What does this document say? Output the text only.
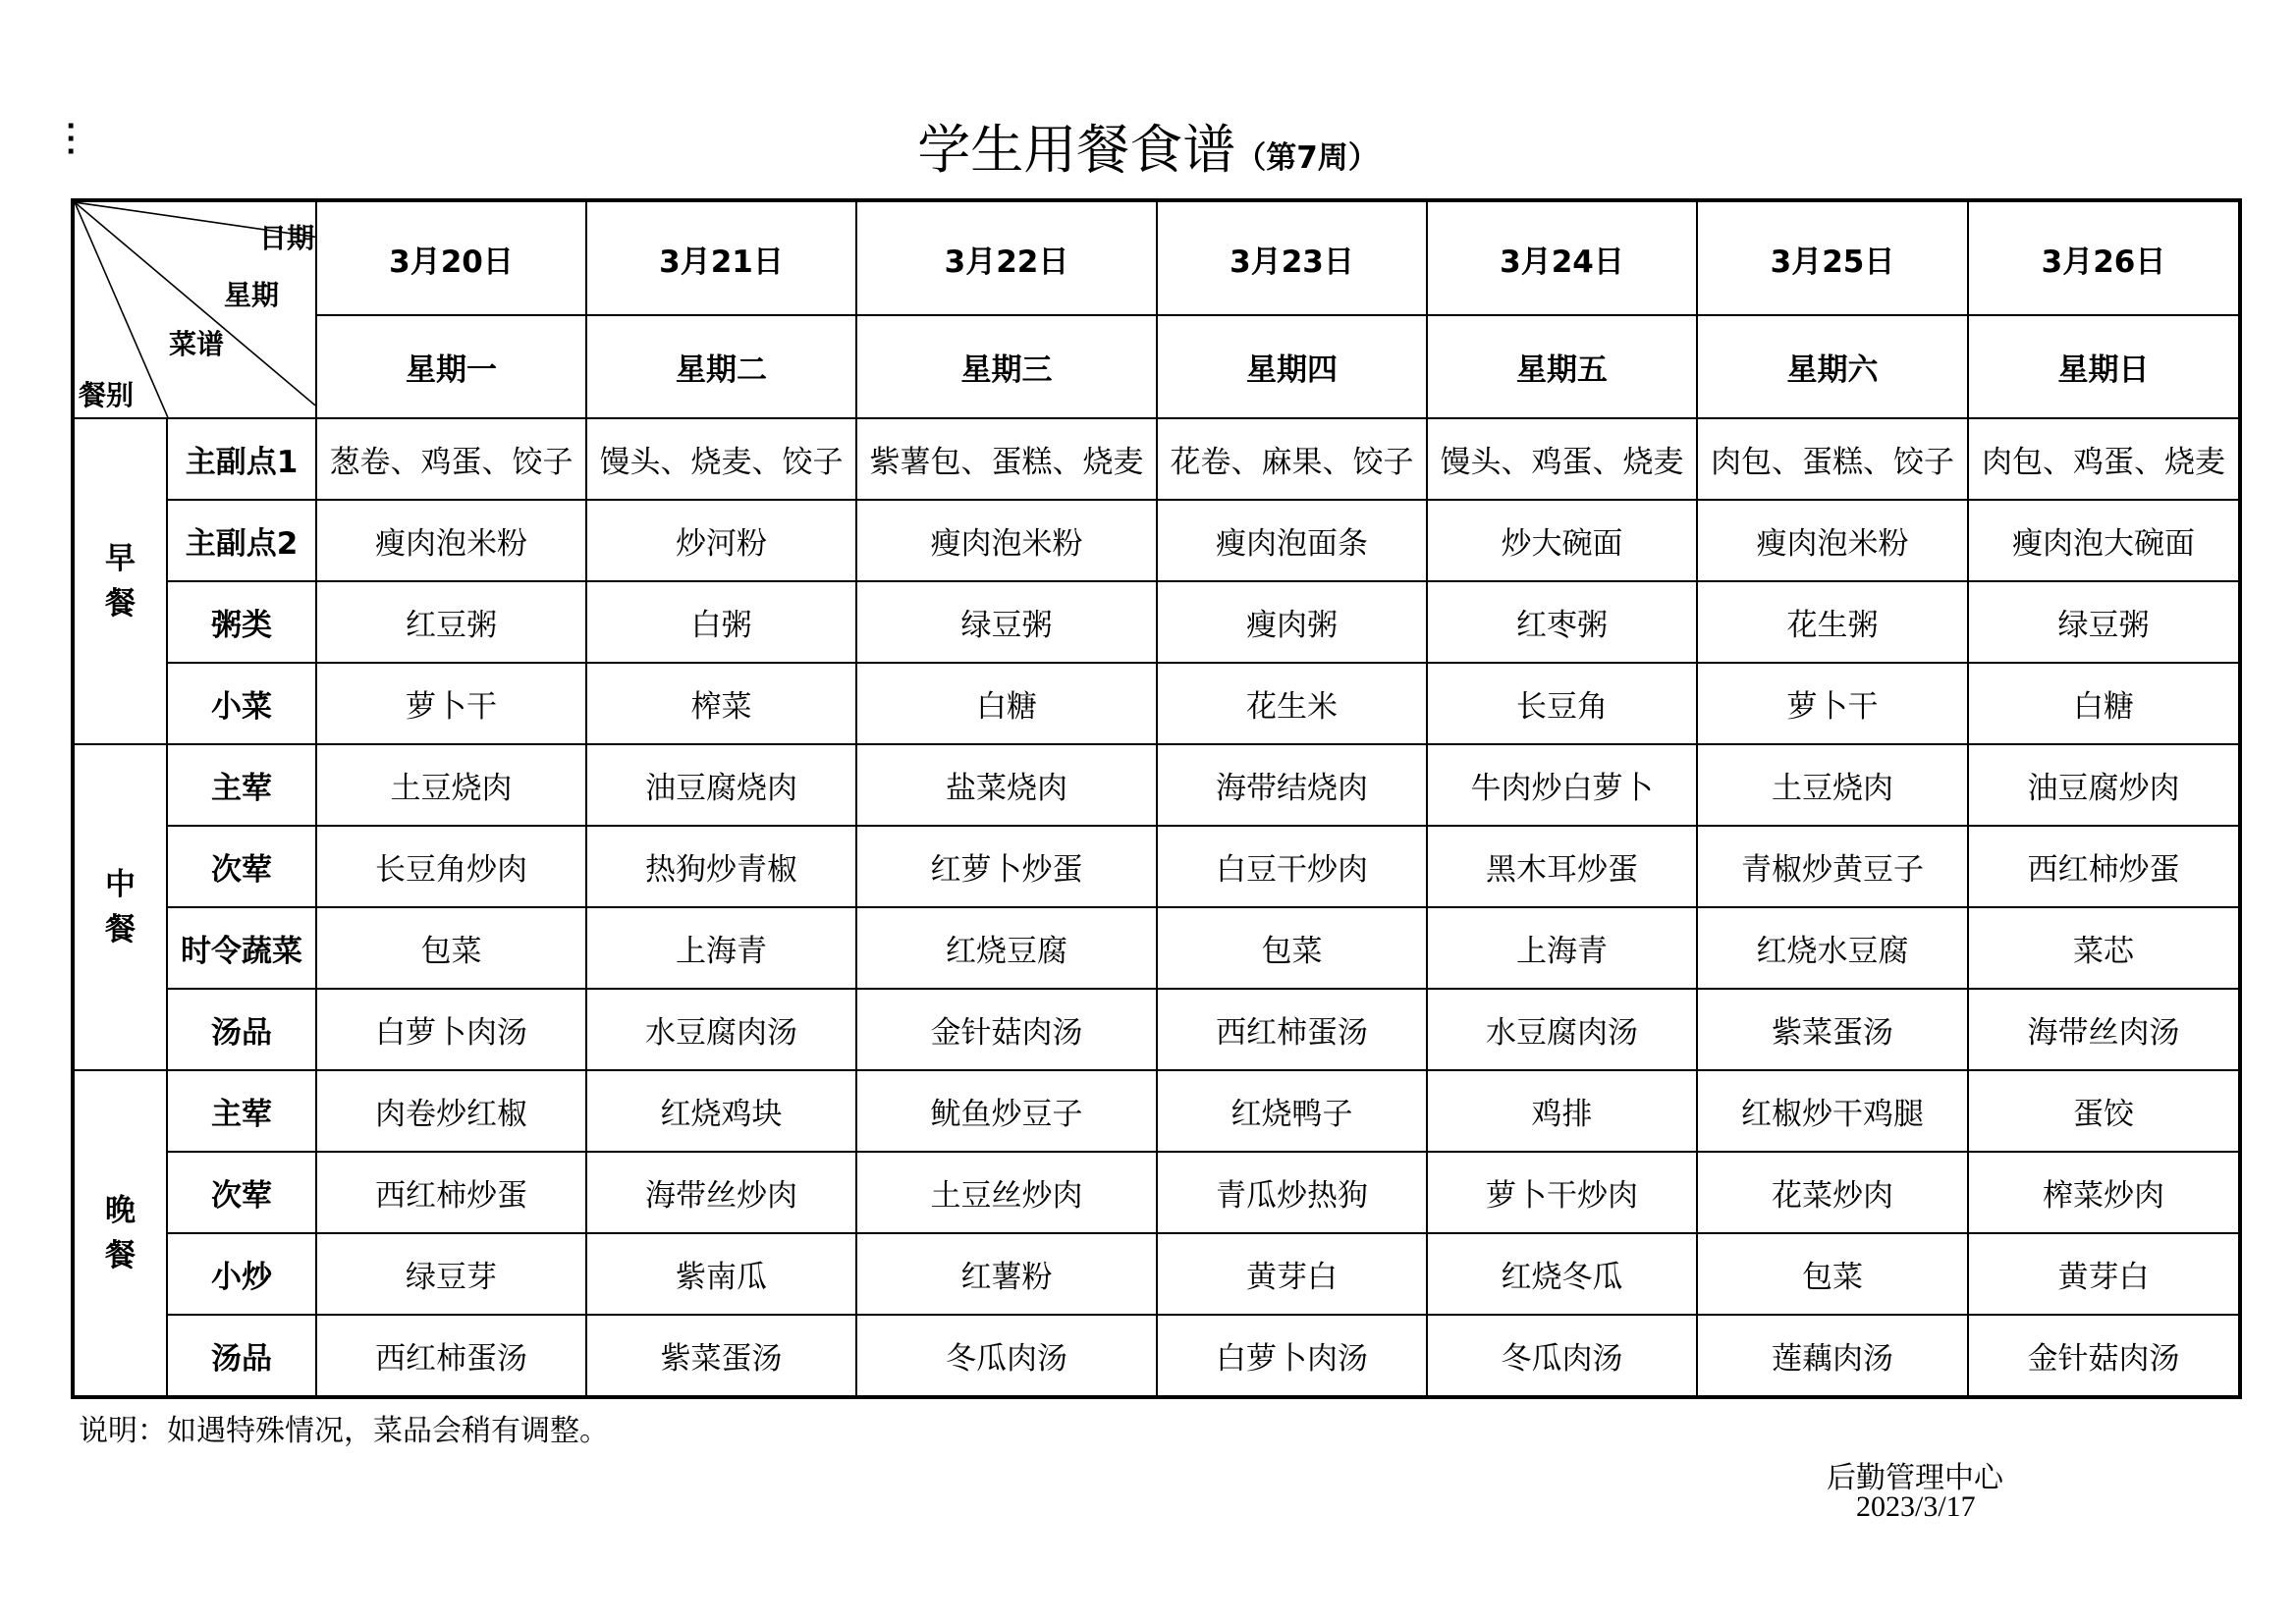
⫶	学生用餐食谱（第7周）
日期
星期
菜谱
餐别		3月20日	3月21日	3月22日	3月23日	3月24日	3月25日	3月26日
		星期一	星期二	星期三	星期四	星期五	星期六	星期日

早
餐	主副点1	葱卷、鸡蛋、饺子	馒头、烧麦、饺子	紫薯包、蛋糕、烧麦	花卷、麻果、饺子	馒头、鸡蛋、烧麦	肉包、蛋糕、饺子	肉包、鸡蛋、烧麦
	主副点2	瘦肉泡米粉	炒河粉	瘦肉泡米粉	瘦肉泡面条	炒大碗面	瘦肉泡米粉	瘦肉泡大碗面
	粥类	红豆粥	白粥	绿豆粥	瘦肉粥	红枣粥	花生粥	绿豆粥
	小菜	萝卜干	榨菜	白糖	花生米	长豆角	萝卜干	白糖

中
餐	主荤	土豆烧肉	油豆腐烧肉	盐菜烧肉	海带结烧肉	牛肉炒白萝卜	土豆烧肉	油豆腐炒肉
	次荤	长豆角炒肉	热狗炒青椒	红萝卜炒蛋	白豆干炒肉	黑木耳炒蛋	青椒炒黄豆子	西红柿炒蛋
	时令蔬菜	包菜	上海青	红烧豆腐	包菜	上海青	红烧水豆腐	菜芯
	汤品	白萝卜肉汤	水豆腐肉汤	金针菇肉汤	西红柿蛋汤	水豆腐肉汤	紫菜蛋汤	海带丝肉汤

晚
餐	主荤	肉卷炒红椒	红烧鸡块	鱿鱼炒豆子	红烧鸭子	鸡排	红椒炒干鸡腿	蛋饺
	次荤	西红柿炒蛋	海带丝炒肉	土豆丝炒肉	青瓜炒热狗	萝卜干炒肉	花菜炒肉	榨菜炒肉
	小炒	绿豆芽	紫南瓜	红薯粉	黄芽白	红烧冬瓜	包菜	黄芽白
	汤品	西红柿蛋汤	紫菜蛋汤	冬瓜肉汤	白萝卜肉汤	冬瓜肉汤	莲藕肉汤	金针菇肉汤
说明：如遇特殊情况，菜品会稍有调整。
后勤管理中心
2023/3/17
